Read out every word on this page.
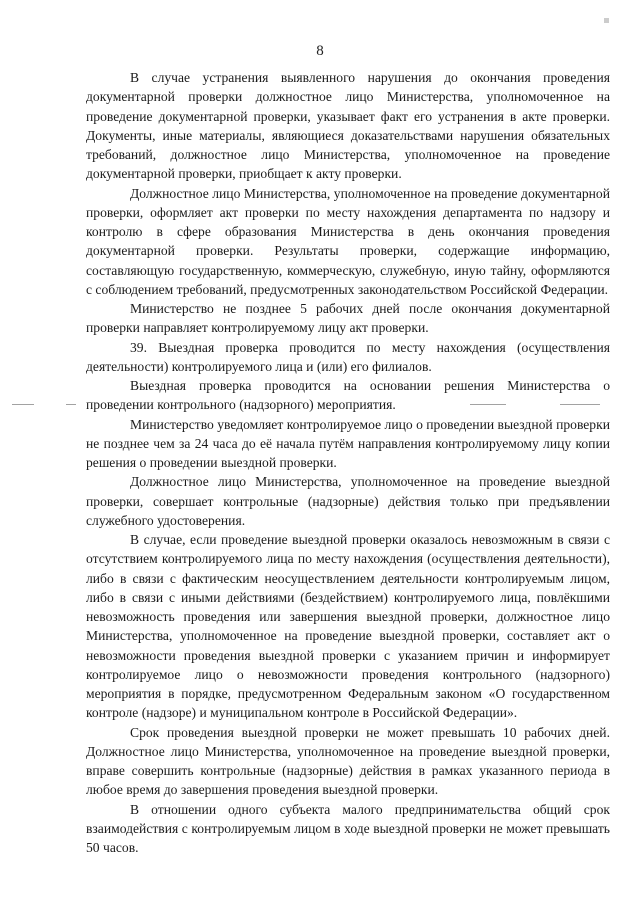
8

В случае устранения выявленного нарушения до окончания проведения документарной проверки должностное лицо Министерства, уполномоченное на проведение документарной проверки, указывает факт его устранения в акте проверки. Документы, иные материалы, являющиеся доказательствами нарушения обязательных требований, должностное лицо Министерства, уполномоченное на проведение документарной проверки, приобщает к акту проверки.

Должностное лицо Министерства, уполномоченное на проведение документарной проверки, оформляет акт проверки по месту нахождения департамента по надзору и контролю в сфере образования Министерства в день окончания проведения документарной проверки. Результаты проверки, содержащие информацию, составляющую государственную, коммерческую, служебную, иную тайну, оформляются с соблюдением требований, предусмотренных законодательством Российской Федерации.

Министерство не позднее 5 рабочих дней после окончания документарной проверки направляет контролируемому лицу акт проверки.

39. Выездная проверка проводится по месту нахождения (осуществления деятельности) контролируемого лица и (или) его филиалов.

Выездная проверка проводится на основании решения Министерства о проведении контрольного (надзорного) мероприятия.

Министерство уведомляет контролируемое лицо о проведении выездной проверки не позднее чем за 24 часа до её начала путём направления контролируемому лицу копии решения о проведении выездной проверки.

Должностное лицо Министерства, уполномоченное на проведение выездной проверки, совершает контрольные (надзорные) действия только при предъявлении служебного удостоверения.

В случае, если проведение выездной проверки оказалось невозможным в связи с отсутствием контролируемого лица по месту нахождения (осуществления деятельности), либо в связи с фактическим неосуществлением деятельности контролируемым лицом, либо в связи с иными действиями (бездействием) контролируемого лица, повлёкшими невозможность проведения или завершения выездной проверки, должностное лицо Министерства, уполномоченное на проведение выездной проверки, составляет акт о невозможности проведения выездной проверки с указанием причин и информирует контролируемое лицо о невозможности проведения контрольного (надзорного) мероприятия в порядке, предусмотренном Федеральным законом «О государственном контроле (надзоре) и муниципальном контроле в Российской Федерации».

Срок проведения выездной проверки не может превышать 10 рабочих дней. Должностное лицо Министерства, уполномоченное на проведение выездной проверки, вправе совершить контрольные (надзорные) действия в рамках указанного периода в любое время до завершения проведения выездной проверки.

В отношении одного субъекта малого предпринимательства общий срок взаимодействия с контролируемым лицом в ходе выездной проверки не может превышать 50 часов.
